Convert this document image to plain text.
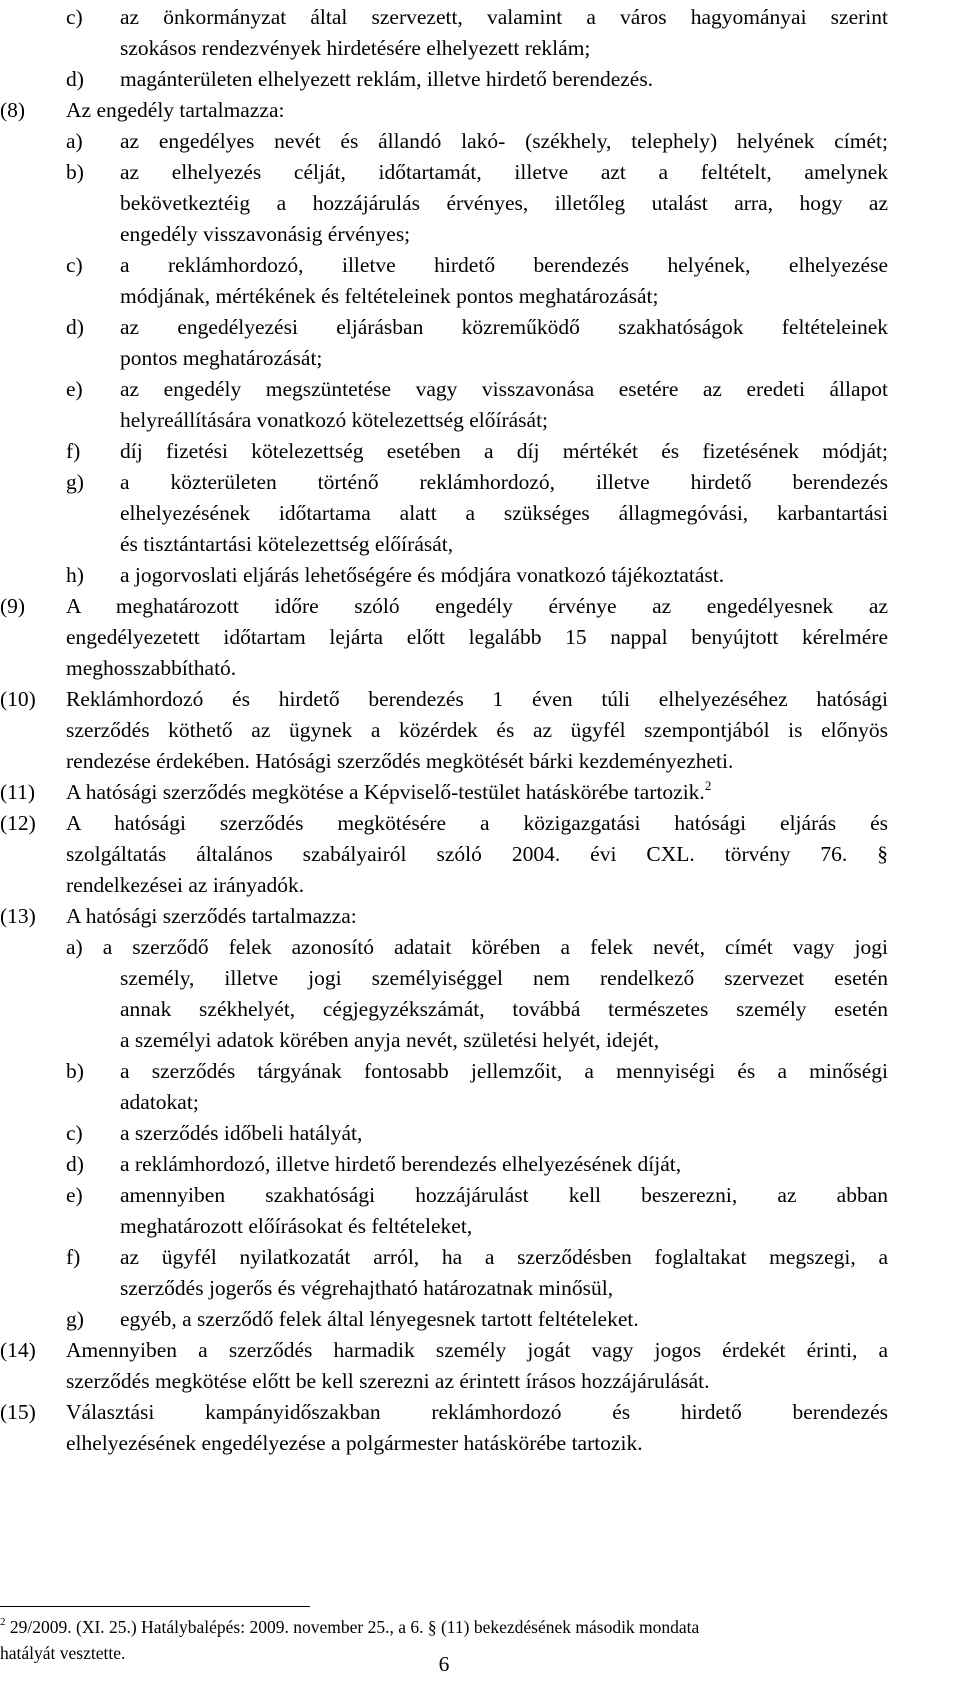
c) az önkormányzat által szervezett, valamint a város hagyományai szerint
szokásos rendezvények hirdetésére elhelyezett reklám;
d) magánterületen elhelyezett reklám, illetve hirdető berendezés.
(8) Az engedély tartalmazza:
a) az engedélyes nevét és állandó lakó- (székhely, telephely) helyének címét;
b) az elhelyezés célját, időtartamát, illetve azt a feltételt, amelynek
bekövetkeztéig a hozzájárulás érvényes, illetőleg utalást arra, hogy az
engedély visszavonásig érvényes;
c) a reklámhordozó, illetve hirdető berendezés helyének, elhelyezése
módjának, mértékének és feltételeinek pontos meghatározását;
d) az engedélyezési eljárásban közreműködő szakhatóságok feltételeinek
pontos meghatározását;
e) az engedély megszüntetése vagy visszavonása esetére az eredeti állapot
helyreállítására vonatkozó kötelezettség előírását;
f) díj fizetési kötelezettség esetében a díj mértékét és fizetésének módját;
g) a közterületen történő reklámhordozó, illetve hirdető berendezés
elhelyezésének időtartama alatt a szükséges állagmegóvási, karbantartási
és tisztántartási kötelezettség előírását,
h) a jogorvoslati eljárás lehetőségére és módjára vonatkozó tájékoztatást.
(9) A meghatározott időre szóló engedély érvénye az engedélyesnek az
engedélyezetett időtartam lejárta előtt legalább 15 nappal benyújtott kérelmére
meghosszabbítható.
(10) Reklámhordozó és hirdető berendezés 1 éven túli elhelyezéséhez hatósági
szerződés köthető az ügynek a közérdek és az ügyfél szempontjából is előnyös
rendezése érdekében. Hatósági szerződés megkötését bárki kezdeményezheti.
(11) A hatósági szerződés megkötése a Képviselő-testület hatáskörébe tartozik.$^2$
(12) A hatósági szerződés megkötésére a közigazgatási hatósági eljárás és
szolgáltatás általános szabályairól szóló 2004. évi CXL. törvény 76. §
rendelkezései az irányadók.
(13) A hatósági szerződés tartalmazza:
a) a szerződő felek azonosító adatait körében a felek nevét, címét vagy jogi
személy, illetve jogi személyiséggel nem rendelkező szervezet esetén
annak székhelyét, cégjegyzékszámát, továbbá természetes személy esetén
a személyi adatok körében anyja nevét, születési helyét, idejét,
b) a szerződés tárgyának fontosabb jellemzőit, a mennyiségi és a minőségi
adatokat;
c) a szerződés időbeli hatályát,
d) a reklámhordozó, illetve hirdető berendezés elhelyezésének díját,
e) amennyiben szakhatósági hozzájárulást kell beszerezni, az abban
meghatározott előírásokat és feltételeket,
f) az ügyfél nyilatkozatát arról, ha a szerződésben foglaltakat megszegi, a
szerződés jogerős és végrehajtható határozatnak minősül,
g) egyéb, a szerződő felek által lényegesnek tartott feltételeket.
(14) Amennyiben a szerződés harmadik személy jogát vagy jogos érdekét érinti, a
szerződés megkötése előtt be kell szerezni az érintett írásos hozzájárulását.
(15) Választási kampányidőszakban reklámhordozó és hirdető berendezés
elhelyezésének engedélyezése a polgármester hatáskörébe tartozik.
$^2$ 29/2009. (XI. 25.) Hatálybalépés: 2009. november 25., a 6. § (11) bekezdésének második mondata
hatályát vesztette.	6
